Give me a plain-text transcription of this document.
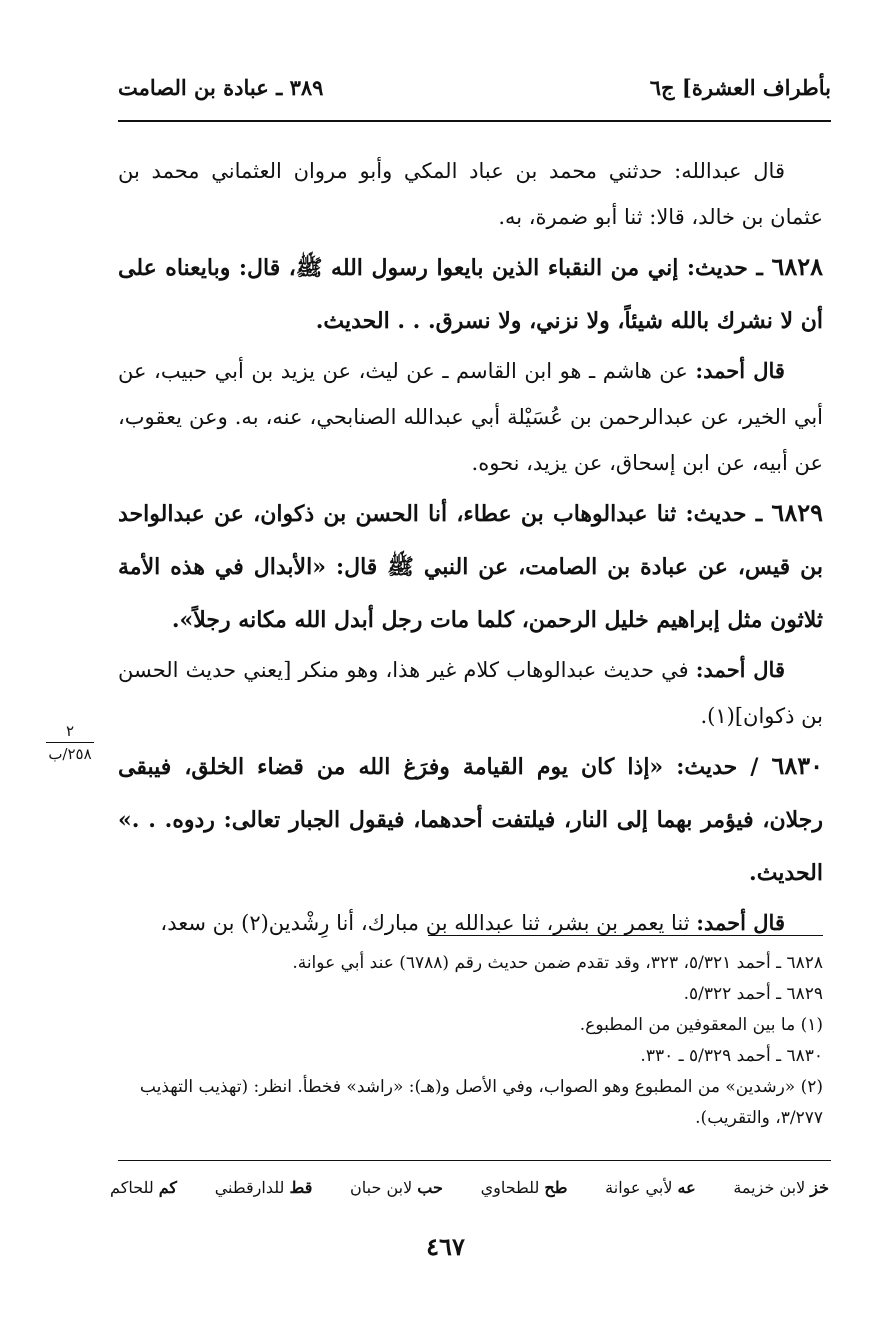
بأطراف العشرة] ج٦
٣٨٩ ـ عبادة بن الصامت

قال عبدالله: حدثني محمد بن عباد المكي وأبو مروان العثماني محمد بن عثمان بن خالد، قالا: ثنا أبو ضمرة، به.

٦٨٢٨ ـ حديث: إني من النقباء الذين بايعوا رسول الله ﷺ، قال: وبايعناه على أن لا نشرك بالله شيئاً، ولا نزني، ولا نسرق. . . الحديث.

قال أحمد: عن هاشم ـ هو ابن القاسم ـ عن ليث، عن يزيد بن أبي حبيب، عن أبي الخير، عن عبدالرحمن بن عُسَيْلة أبي عبدالله الصنابحي، عنه، به. وعن يعقوب، عن أبيه، عن ابن إسحاق، عن يزيد، نحوه.

٦٨٢٩ ـ حديث: ثنا عبدالوهاب بن عطاء، أنا الحسن بن ذكوان، عن عبدالواحد بن قيس، عن عبادة بن الصامت، عن النبي ﷺ قال: «الأبدال في هذه الأمة ثلاثون مثل إبراهيم خليل الرحمن، كلما مات رجل أبدل الله مكانه رجلاً».

قال أحمد: في حديث عبدالوهاب كلام غير هذا، وهو منكر [يعني حديث الحسن بن ذكوان](١).

٦٨٣٠ / حديث: «إذا كان يوم القيامة وفرَغ الله من قضاء الخلق، فيبقى رجلان، فيؤمر بهما إلى النار، فيلتفت أحدهما، فيقول الجبار تعالى: ردوه. . .» الحديث.

قال أحمد: ثنا يعمر بن بشر، ثنا عبدالله بن مبارك، أنا رِشْدين(٢) بن سعد،

٢
٢٥٨/ب

٦٨٢٨ ـ أحمد ٥/٣٢١، ٣٢٣، وقد تقدم ضمن حديث رقم (٦٧٨٨) عند أبي عوانة.

٦٨٢٩ ـ أحمد ٥/٣٢٢.

(١) ما بين المعقوفين من المطبوع.

٦٨٣٠ ـ أحمد ٥/٣٢٩ ـ ٣٣٠.

(٢) «رشدين» من المطبوع وهو الصواب، وفي الأصل و(هـ): «راشد» فخطأ. انظر: (تهذيب التهذيب ٣/٢٧٧، والتقريب).

خز لابن خزيمة
عه لأبي عوانة
طح للطحاوي
حب لابن حبان
قط للدارقطني
كم للحاكم
٤٦٧
